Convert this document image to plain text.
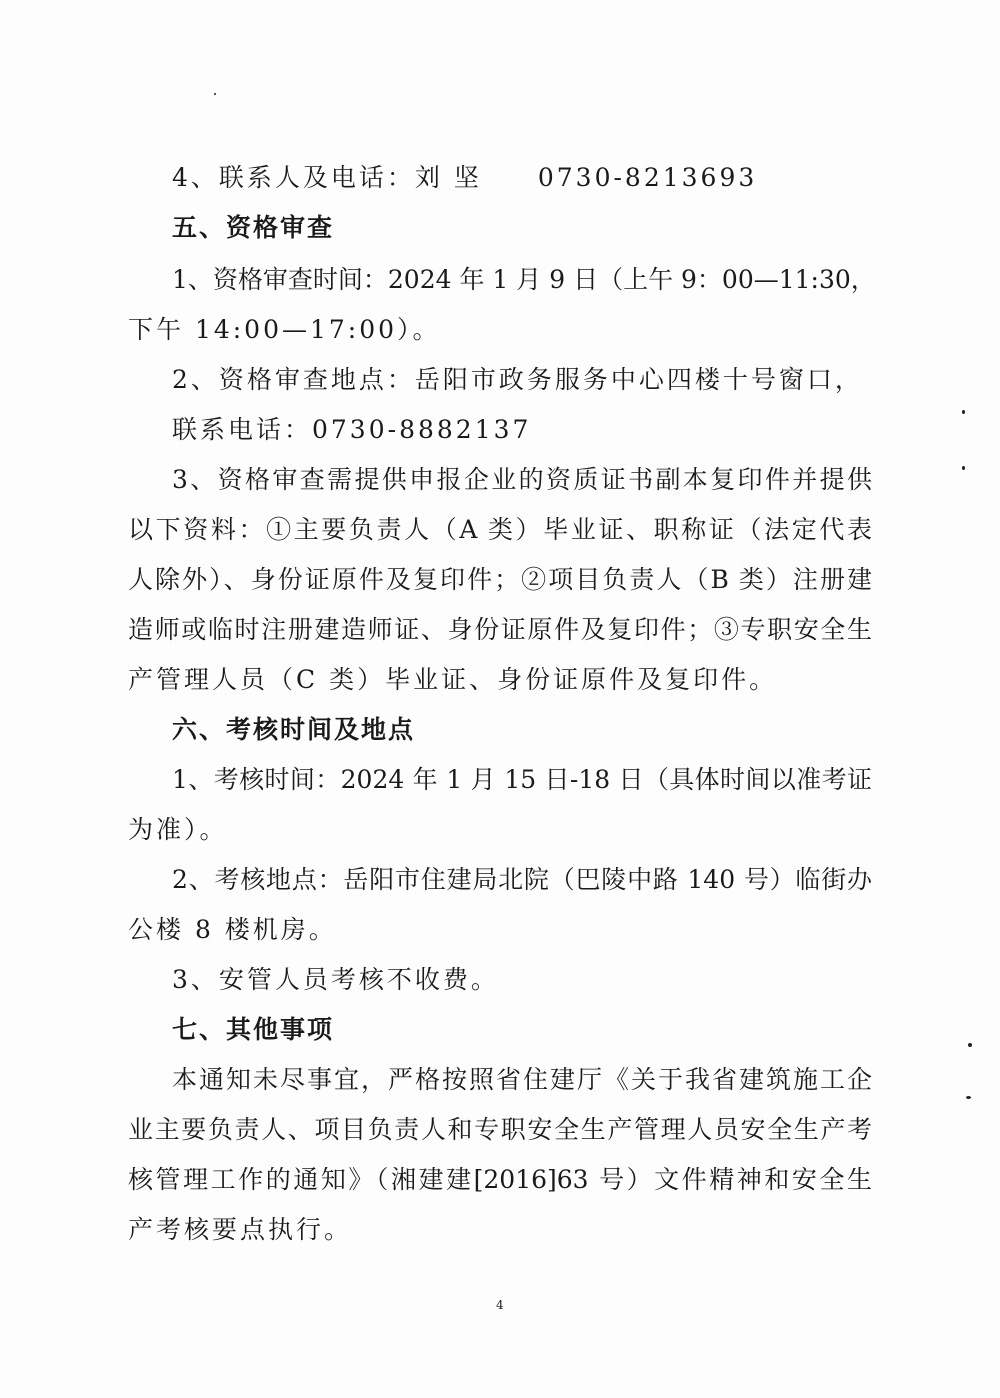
4、联系人及电话：刘 坚　　0730-8213693
五、资格审查
1、资格审查时间：2024 年 1 月 9 日（上午 9：00—11:30，
下午 14:00—17:00）。
2、资格审查地点：岳阳市政务服务中心四楼十号窗口，
联系电话：0730-8882137
3、资格审查需提供申报企业的资质证书副本复印件并提供
以下资料：①主要负责人（A 类）毕业证、职称证（法定代表
人除外）、身份证原件及复印件；②项目负责人（B 类）注册建
造师或临时注册建造师证、身份证原件及复印件；③专职安全生
产管理人员（C 类）毕业证、身份证原件及复印件。
六、考核时间及地点
1、考核时间：2024 年 1 月 15 日-18 日（具体时间以准考证
为准）。
2、考核地点：岳阳市住建局北院（巴陵中路 140 号）临街办
公楼 8 楼机房。
3、安管人员考核不收费。
七、其他事项
本通知未尽事宜，严格按照省住建厅《关于我省建筑施工企
业主要负责人、项目负责人和专职安全生产管理人员安全生产考
核管理工作的通知》（湘建建[2016]63 号）文件精神和安全生
产考核要点执行。
4
